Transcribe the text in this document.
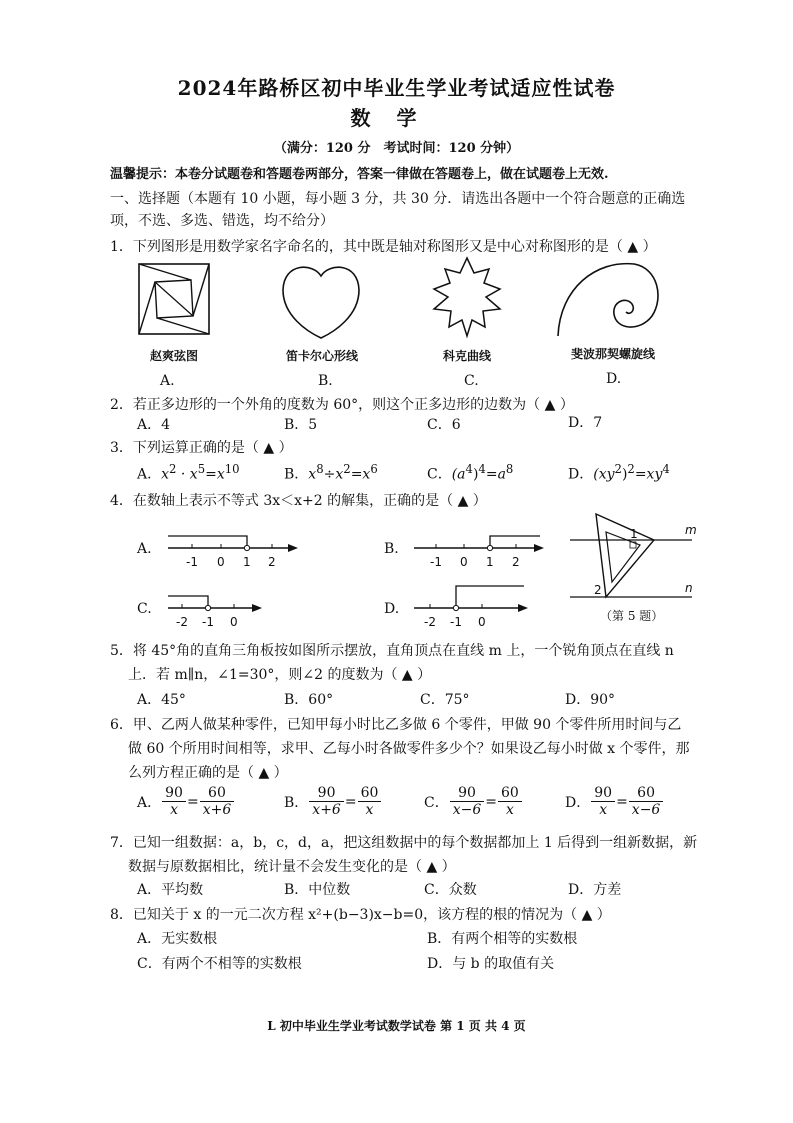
2024年路桥区初中毕业生学业考试适应性试卷
数学
（满分：120 分　考试时间：120 分钟）
温馨提示：本卷分试题卷和答题卷两部分，答案一律做在答题卷上，做在试题卷上无效.
一、选择题（本题有 10 小题，每小题 3 分，共 30 分．请选出各题中一个符合题意的正确选
项，不选、多选、错选，均不给分）
1．下列图形是用数学家名字命名的，其中既是轴对称图形又是中心对称图形的是（ ▲ ）
赵爽弦图	笛卡尔心形线	科克曲线	斐波那契螺旋线
A.	B.	C.	D.
2．若正多边形的一个外角的度数为 60°，则这个正多边形的边数为（ ▲ ）
A．4	B．5	C．6	D．7
3．下列运算正确的是（ ▲ ）
A．$x^2 \cdot x^5=x^{10}$	B．$x^8\div x^2=x^6$	C．$(a^4)^4=a^8$	D．$(xy^2)^2=xy^4$
4．在数轴上表示不等式 3x＜x+2 的解集，正确的是（ ▲ ）
A.
-1 0 1 2
B.
-1 0 1 2
C.
-2 -1 0
D.
-2 -1 0
m
n
1
2
（第 5 题）
5．将 45°角的直角三角板按如图所示摆放，直角顶点在直线 m 上，一个锐角顶点在直线 n
上．若 m∥n，∠1=30°，则∠2 的度数为（ ▲ ）
A．45°	B．60°	C．75°	D．90°
6．甲、乙两人做某种零件，已知甲每小时比乙多做 6 个零件，甲做 90 个零件所用时间与乙
做 60 个所用时间相等，求甲、乙每小时各做零件多少个？如果设乙每小时做 x 个零件，那
么列方程正确的是（ ▲ ）
A． $\frac{90}{x} = \frac{60}{x+6}$	B． $\frac{90}{x+6} = \frac{60}{x}$	C． $\frac{90}{x-6} = \frac{60}{x}$	D． $\frac{90}{x} = \frac{60}{x-6}$
7．已知一组数据：a，b，c，d，a，把这组数据中的每个数据都加上 1 后得到一组新数据，新
数据与原数据相比，统计量不会发生变化的是（ ▲ ）
A．平均数	B．中位数	C．众数	D．方差
8．已知关于 x 的一元二次方程 x²+(b−3)x−b=0，该方程的根的情况为（ ▲ ）
A．无实数根	B．有两个相等的实数根
C．有两个不相等的实数根	D．与 b 的取值有关
L 初中毕业生学业考试数学试卷 第 1 页 共 4 页
